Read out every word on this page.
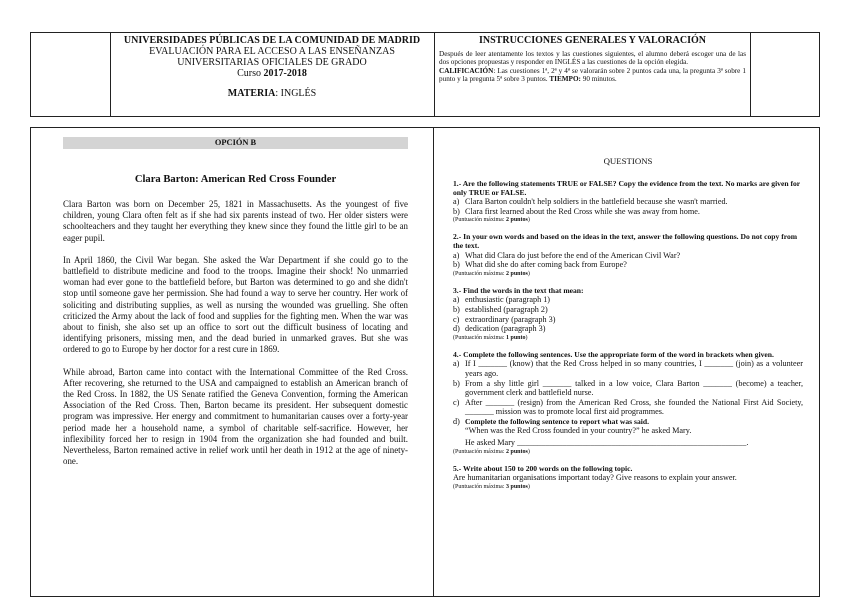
UNIVERSIDADES PÚBLICAS DE LA COMUNIDAD DE MADRID
EVALUACIÓN PARA EL ACCESO A LAS ENSEÑANZAS
UNIVERSITARIAS OFICIALES DE GRADO
Curso 2017-2018
MATERIA: INGLÉS
INSTRUCCIONES GENERALES Y VALORACIÓN
Después de leer atentamente los textos y las cuestiones siguientes, el alumno deberá escoger una de las dos opciones propuestas y responder en INGLÉS a las cuestiones de la opción elegida.
CALIFICACIÓN: Las cuestiones 1ª, 2ª y 4ª se valorarán sobre 2 puntos cada una, la pregunta 3ª sobre 1 punto y la pregunta 5ª sobre 3 puntos. TIEMPO: 90 minutos.
OPCIÓN B
Clara Barton: American Red Cross Founder

Clara Barton was born on December 25, 1821 in Massachusetts. As the youngest of five children, young Clara often felt as if she had six parents instead of two. Her older sisters were schoolteachers and they taught her everything they knew since they found the little girl to be an eager pupil.

In April 1860, the Civil War began. She asked the War Department if she could go to the battlefield to distribute medicine and food to the troops. Imagine their shock! No unmarried woman had ever gone to the battlefield before, but Barton was determined to go and she didn't stop until someone gave her permission. She had found a way to serve her country. Her work of soliciting and distributing supplies, as well as nursing the wounded was gruelling. She often criticized the Army about the lack of food and supplies for the fighting men. When the war was about to finish, she also set up an office to sort out the difficult business of locating and identifying prisoners, missing men, and the dead buried in unmarked graves. But she was ordered to go to Europe by her doctor for a rest cure in 1869.

While abroad, Barton came into contact with the International Committee of the Red Cross. After recovering, she returned to the USA and campaigned to establish an American branch of the Red Cross. In 1882, the US Senate ratified the Geneva Convention, forming the American Association of the Red Cross. Then, Barton became its president. Her subsequent domestic program was impressive. Her energy and commitment to humanitarian causes over a forty-year period made her a household name, a symbol of charitable self-sacrifice. However, her inflexibility forced her to resign in 1904 from the organization she had founded and built. Nevertheless, Barton remained active in relief work until her death in 1912 at the age of ninety-one.

QUESTIONS
1.- Are the following statements TRUE or FALSE? Copy the evidence from the text. No marks are given for only TRUE or FALSE.
a) Clara Barton couldn't help soldiers in the battlefield because she wasn't married.
b) Clara first learned about the Red Cross while she was away from home.
(Puntuación máxima: 2 puntos)
2.- In your own words and based on the ideas in the text, answer the following questions. Do not copy from the text.
a) What did Clara do just before the end of the American Civil War?
b) What did she do after coming back from Europe?
(Puntuación máxima: 2 puntos)
3.- Find the words in the text that mean:
a) enthusiastic (paragraph 1)
b) established (paragraph 2)
c) extraordinary (paragraph 3)
d) dedication (paragraph 3)
(Puntuación máxima: 1 punto)
4.- Complete the following sentences. Use the appropriate form of the word in brackets when given.
a) If I _______ (know) that the Red Cross helped in so many countries, I _______ (join) as a volunteer years ago.
b) From a shy little girl _______ talked in a low voice, Clara Barton _______ (become) a teacher, government clerk and battlefield nurse.
c) After _______ (resign) from the American Red Cross, she founded the National First Aid Society, _______ mission was to promote local first aid programmes.
d) Complete the following sentence to report what was said.
“When was the Red Cross founded in your country?” he asked Mary.
He asked Mary ________________________________________________________.
(Puntuación máxima: 2 puntos)
5.- Write about 150 to 200 words on the following topic.
Are humanitarian organisations important today? Give reasons to explain your answer.
(Puntuación máxima: 3 puntos)
